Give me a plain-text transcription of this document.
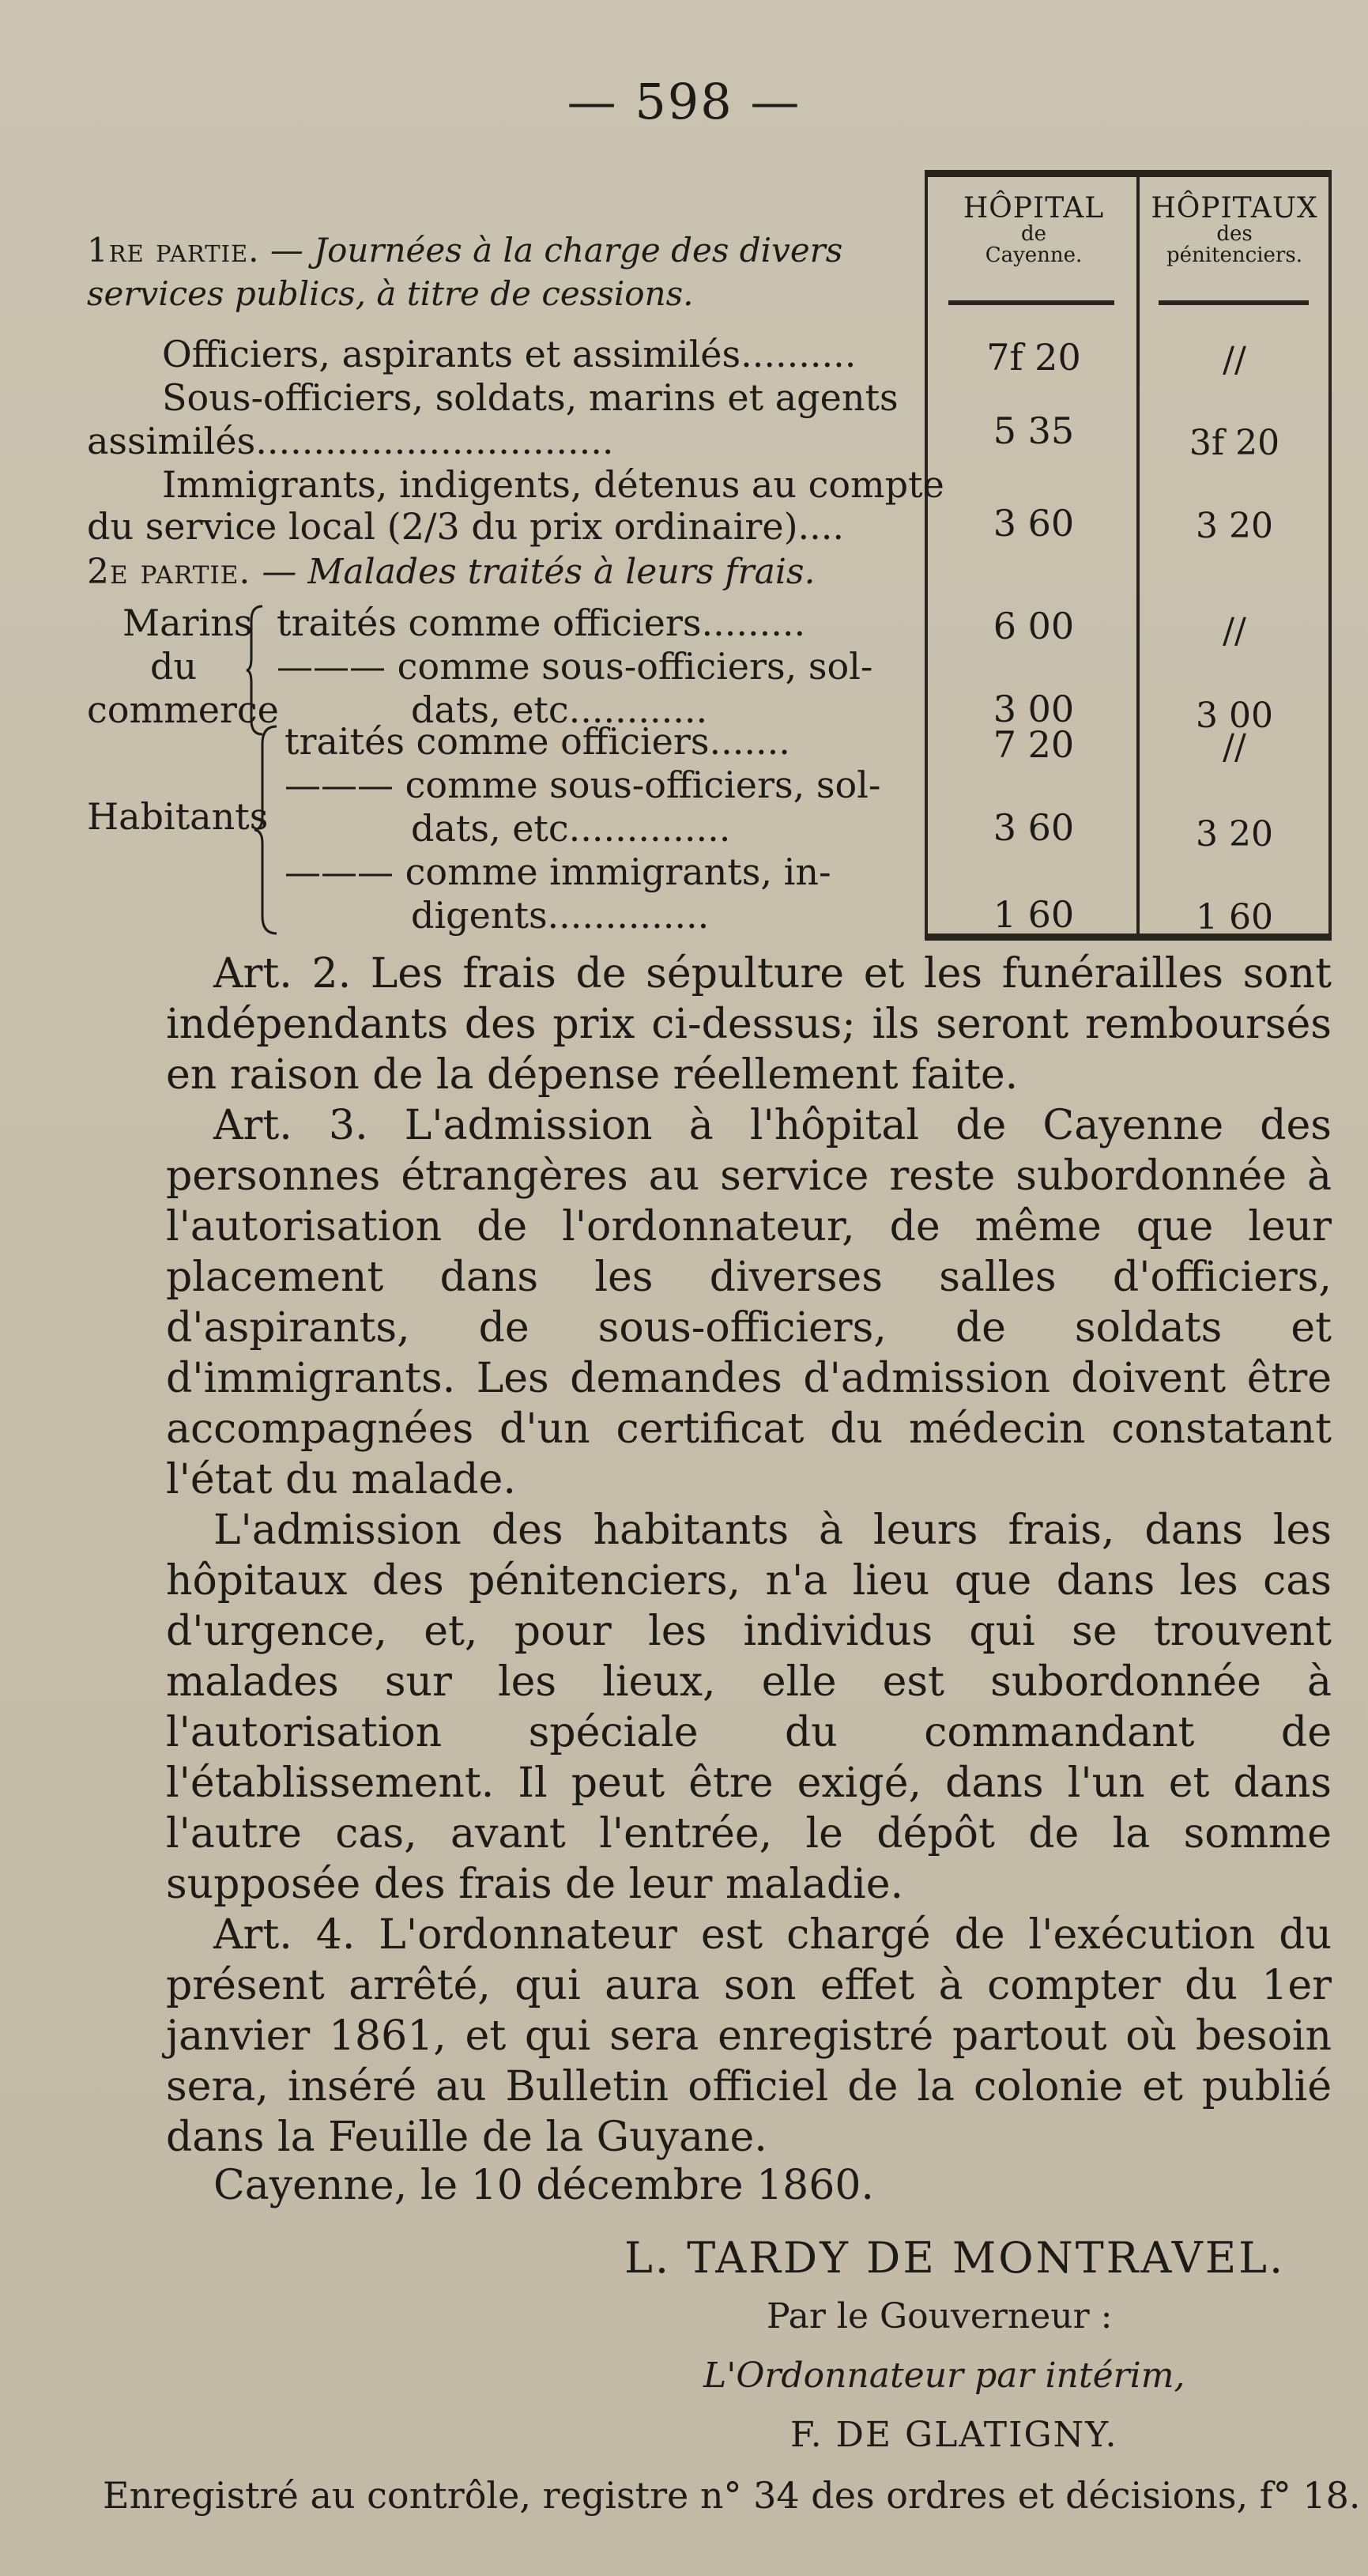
— 598 —
HÔPITAL
de
Cayenne.
HÔPITAUX
des
pénitenciers.
1re partie. — Journées à la charge des divers services publics, à titre de cessions.
Officiers, aspirants et assimilés..........	7f 20	//
Sous-officiers, soldats, marins et agents
assimilés...............................	5 35	3f 20
Immigrants, indigents, détenus au compte
du service local (2/3 du prix ordinaire)....	3 60	3 20
2e partie. — Malades traités à leurs frais.
Marins
du
commerce
traités comme officiers.........	6 00	//
——— comme sous-officiers, sol-
dats, etc............	3 00	3 00
Habitants
traités comme officiers.......	7 20	//
——— comme sous-officiers, sol-
dats, etc..............	3 60	3 20
——— comme immigrants, in-
digents..............	1 60	1 60

Art. 2. Les frais de sépulture et les funérailles sont indépendants des prix ci-dessus; ils seront remboursés en raison de la dépense réellement faite.

Art. 3. L'admission à l'hôpital de Cayenne des personnes étrangères au service reste subordonnée à l'autorisation de l'ordonnateur, de même que leur placement dans les diverses salles d'officiers, d'aspirants, de sous-officiers, de soldats et d'immigrants. Les demandes d'admission doivent être accompagnées d'un certificat du médecin constatant l'état du malade.

L'admission des habitants à leurs frais, dans les hôpitaux des pénitenciers, n'a lieu que dans les cas d'urgence, et, pour les individus qui se trouvent malades sur les lieux, elle est subordonnée à l'autorisation spéciale du commandant de l'établissement. Il peut être exigé, dans l'un et dans l'autre cas, avant l'entrée, le dépôt de la somme supposée des frais de leur maladie.

Art. 4. L'ordonnateur est chargé de l'exécution du présent arrêté, qui aura son effet à compter du 1er janvier 1861, et qui sera enregistré partout où besoin sera, inséré au Bulletin officiel de la colonie et publié dans la Feuille de la Guyane.

Cayenne, le 10 décembre 1860.
L. TARDY DE MONTRAVEL.
Par le Gouverneur :
L'Ordonnateur par intérim,
F. DE GLATIGNY.
Enregistré au contrôle, registre n° 34 des ordres et décisions, f° 18.
